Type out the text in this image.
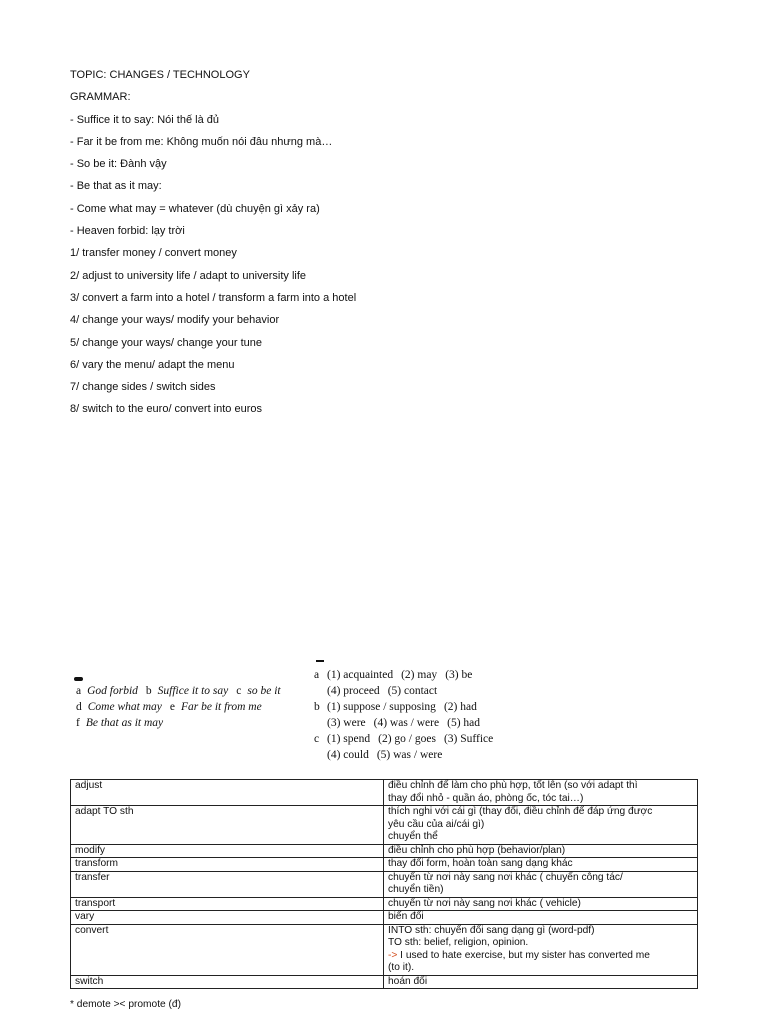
TOPIC: CHANGES / TECHNOLOGY

GRAMMAR:

- Suffice it to say: Nói thế là đủ

- Far it be from me: Không muốn nói đâu nhưng mà…

- So be it: Đành vậy

- Be that as it may:

- Come what may = whatever (dù chuyện gì xảy ra)

- Heaven forbid: lạy trời

1/ transfer money / convert money

2/ adjust to university life / adapt to university life

3/ convert a farm into a hotel / transform a farm into a hotel

4/ change your ways/ modify your behavior

5/ change your ways/ change your tune

6/ vary the menu/ adapt the menu

7/ change sides / switch sides

8/ switch to the euro/ convert into euros

a God forbid b Suffice it to say c so be it
d Come what may e Far be it from me
f Be that as it may
a (1) acquainted (2) may (3) be
(4) proceed (5) contact
b (1) suppose / supposing (2) had
(3) were (4) was / were (5) had
c (1) spend (2) go / goes (3) Suffice
(4) could (5) was / were
adjust	điều chỉnh để làm cho phù hợp, tốt lên (so với adapt thì
thay đổi nhỏ - quần áo, phòng ốc, tóc tai…)

adapt TO sth	thích nghi với cái gì (thay đổi, điều chỉnh để đáp ứng được
yêu cầu của ai/cái gì)
chuyển thể

modify	điều chỉnh cho phù hợp (behavior/plan)

transform	thay đổi form, hoàn toàn sang dạng khác

transfer	chuyển từ nơi này sang nơi khác ( chuyển công tác/
chuyển tiền)

transport	chuyển từ nơi này sang nơi khác ( vehicle)

vary	biến đổi

convert	INTO sth: chuyển đổi sang dạng gì (word-pdf)
TO sth: belief, religion, opinion.
-> I used to hate exercise, but my sister has converted me
(to it).

switch	hoán đổi
* demote >< promote (đ)
